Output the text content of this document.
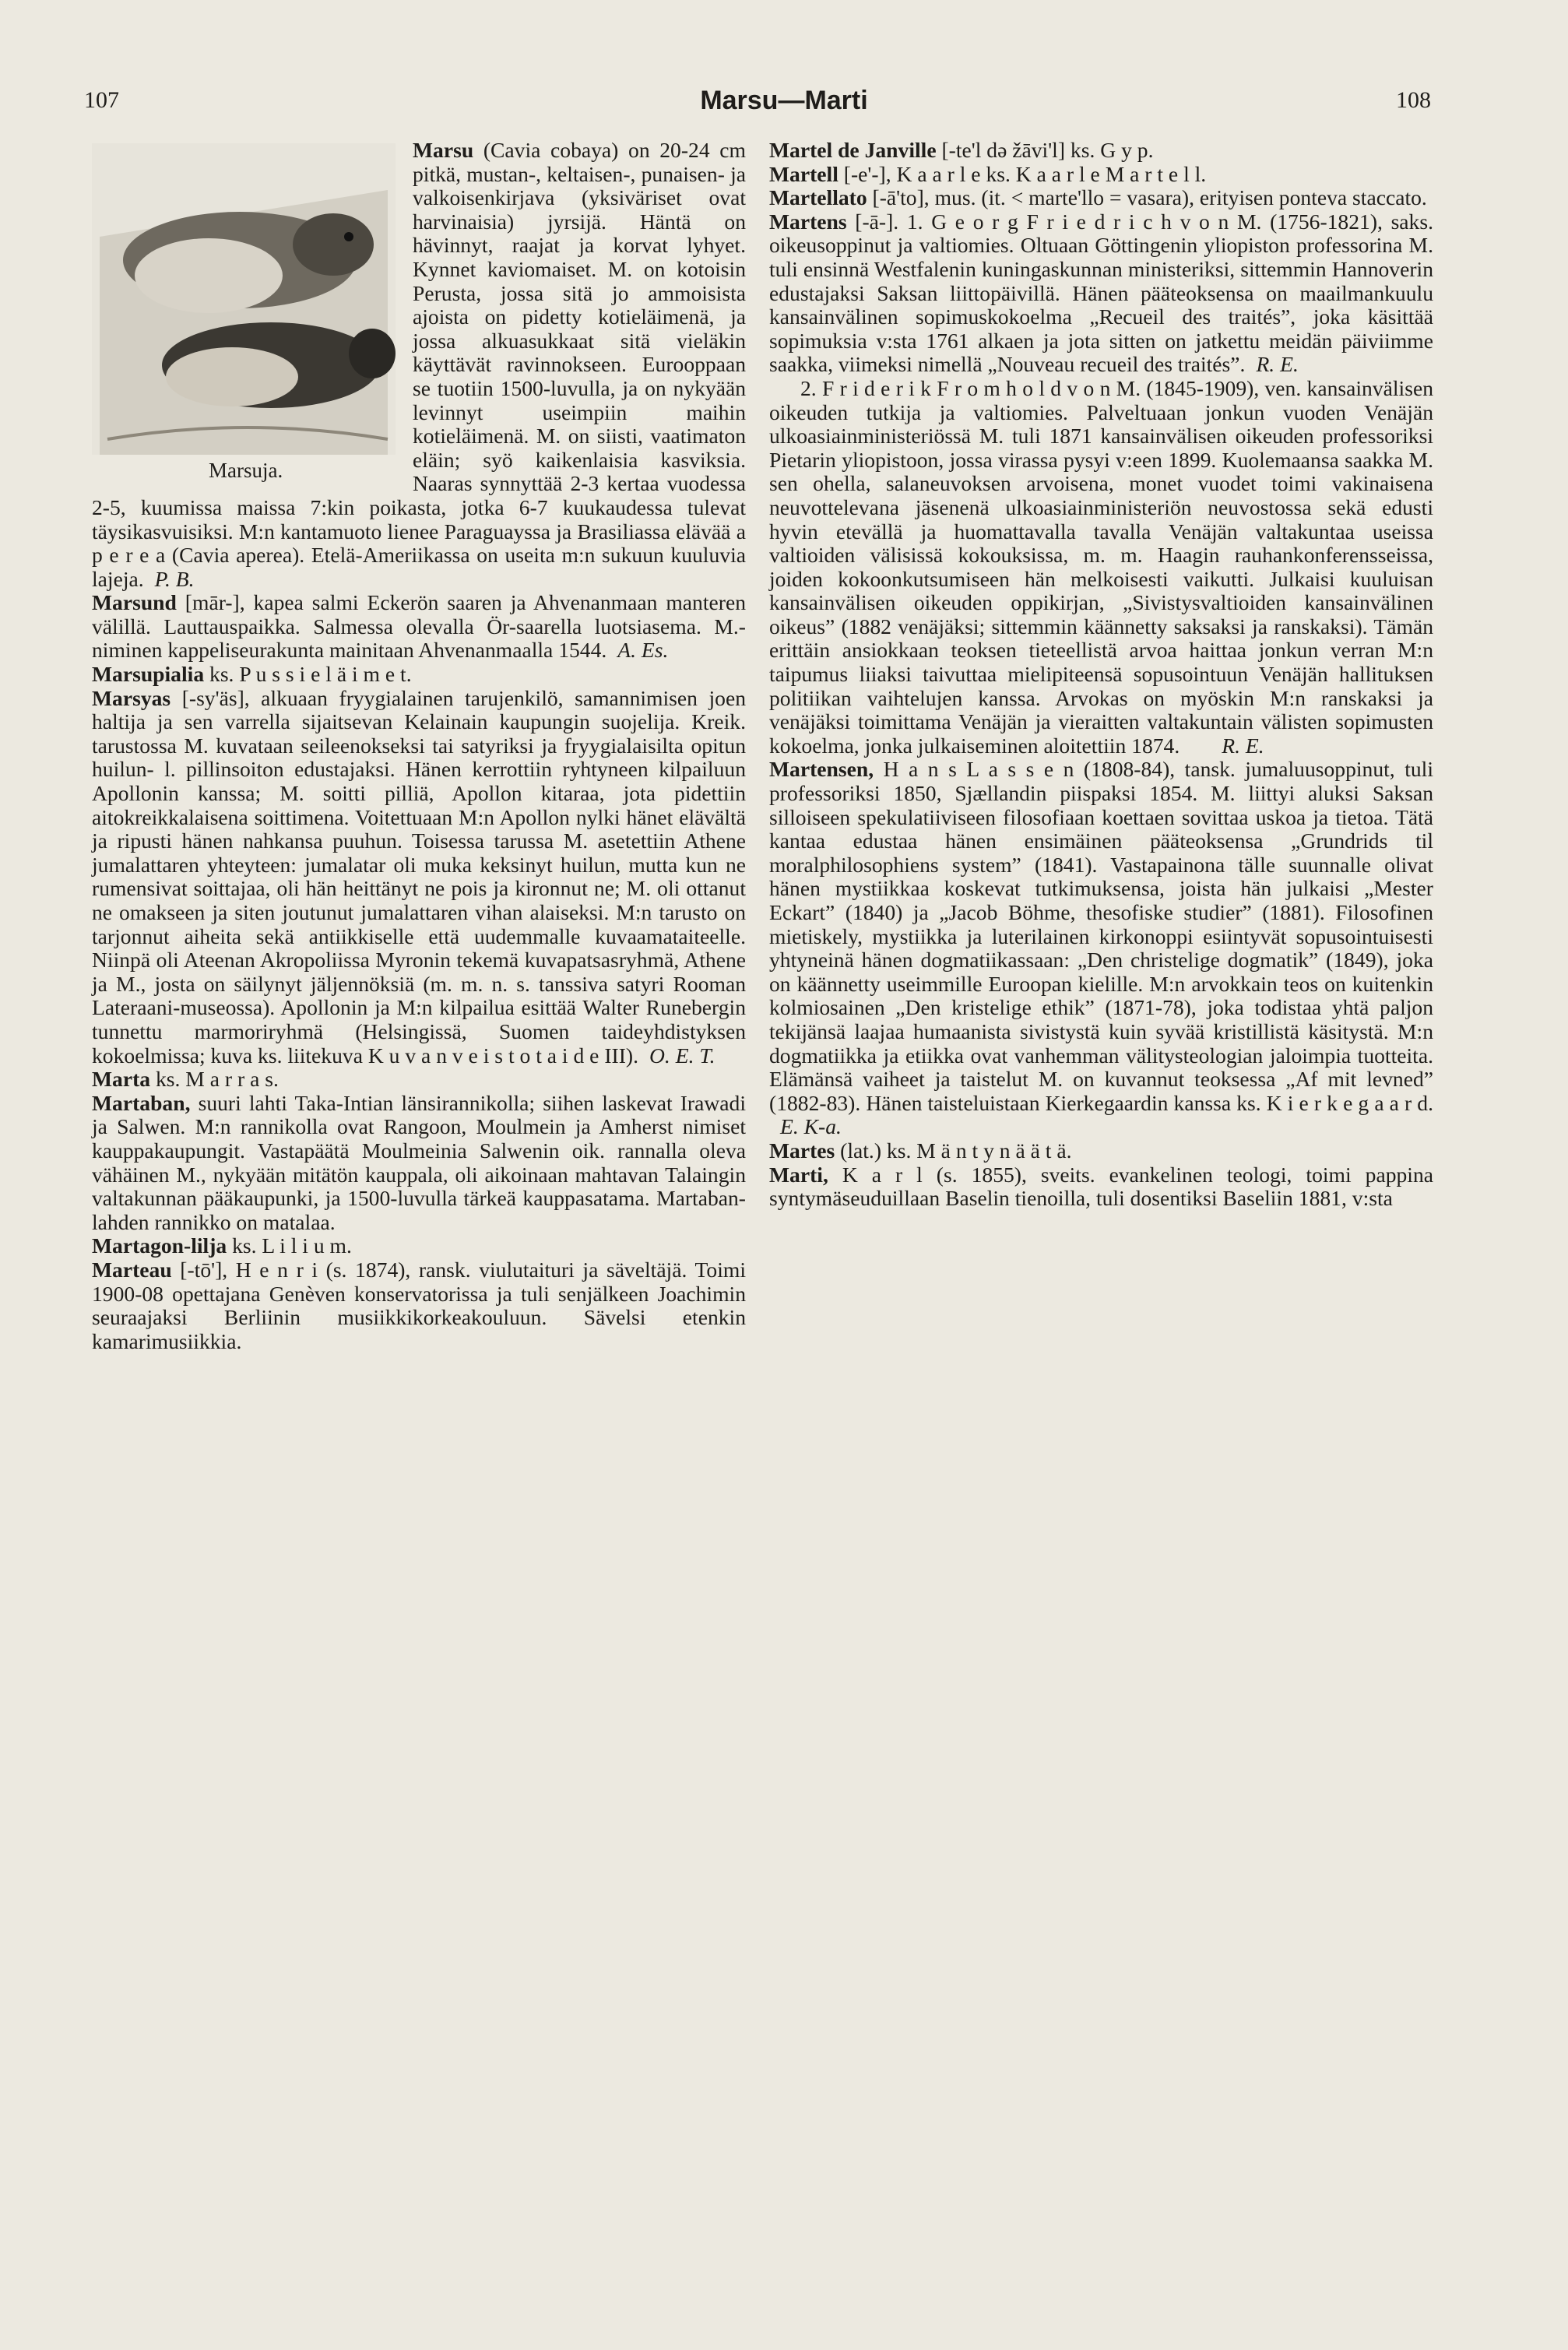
107	Marsu—Marti	108

Marsu
Marsuja.
(Cavia cobaya) on 20-24 cm pitkä, mustan-, keltaisen-, punaisen- ja valkoisenkirjava (yksiväriset ovat harvinaisia) jyrsijä. Häntä on hävinnyt, raajat ja korvat lyhyet. Kynnet kaviomaiset. M. on kotoisin Perusta, jossa sitä jo ammoisista ajoista on pidetty kotieläimenä, ja jossa alkuasukkaat sitä vieläkin käyttävät ravinnokseen. Eurooppaan se tuotiin 1500-luvulla, ja on nykyään levinnyt useimpiin maihin kotieläimenä. M. on siisti, vaatimaton eläin; syö kaikenlaisia kasviksia. Naaras synnyttää 2-3 kertaa vuodessa 2-5, kuumissa maissa 7:kin poikasta, jotka 6-7 kuukaudessa tulevat täysikasvuisiksi. M:n kantamuoto lienee Paraguayssa ja Brasiliassa elävää a p e r e a (Cavia aperea). Etelä-Ameriikassa on useita m:n sukuun kuuluvia lajeja. P. B.

Marsund [mār-], kapea salmi Eckerön saaren ja Ahvenanmaan manteren välillä. Lauttauspaikka. Salmessa olevalla Ör-saarella luotsiasema. M.-niminen kappeliseurakunta mainitaan Ahvenanmaalla 1544. A. Es.

Marsupialia ks. P u s s i e l ä i m e t.

Marsyas [-sy'äs], alkuaan fryygialainen tarujenkilö, samannimisen joen haltija ja sen varrella sijaitsevan Kelainain kaupungin suojelija. Kreik. tarustossa M. kuvataan seileenokseksi tai satyriksi ja fryygialaisilta opitun huilun- l. pillinsoiton edustajaksi. Hänen kerrottiin ryhtyneen kilpailuun Apollonin kanssa; M. soitti pilliä, Apollon kitaraa, jota pidettiin aitokreikkalaisena soittimena. Voitettuaan M:n Apollon nylki hänet elävältä ja ripusti hänen nahkansa puuhun. Toisessa tarussa M. asetettiin Athene jumalattaren yhteyteen: jumalatar oli muka keksinyt huilun, mutta kun ne rumensivat soittajaa, oli hän heittänyt ne pois ja kironnut ne; M. oli ottanut ne omakseen ja siten joutunut jumalattaren vihan alaiseksi. M:n tarusto on tarjonnut aiheita sekä antiikkiselle että uudemmalle kuvaamataiteelle. Niinpä oli Ateenan Akropoliissa Myronin tekemä kuvapatsasryhmä, Athene ja M., josta on säilynyt jäljennöksiä (m. m. n. s. tanssiva satyri Rooman Lateraani-museossa). Apollonin ja M:n kilpailua esittää Walter Runebergin tunnettu marmoriryhmä (Helsingissä, Suomen taideyhdistyksen kokoelmissa; kuva ks. liitekuva K u v a n v e i s t o t a i d e III). O. E. T.

Marta ks. M a r r a s.

Martaban, suuri lahti Taka-Intian länsirannikolla; siihen laskevat Irawadi ja Salwen. M:n rannikolla ovat Rangoon, Moulmein ja Amherst nimiset kauppakaupungit. Vastapäätä Moulmeinia Salwenin oik. rannalla oleva vähäinen M., nykyään mitätön kauppala, oli aikoinaan mahtavan Talaingin valtakunnan pääkaupunki, ja 1500-luvulla tärkeä kauppasatama. Martaban-lahden rannikko on matalaa.

Martagon-lilja ks. L i l i u m.

Marteau [-tō'], H e n r i (s. 1874), ransk. viulutaituri ja säveltäjä. Toimi 1900-08 opettajana Genèven konservatorissa ja tuli senjälkeen Joachimin seuraajaksi Berliinin musiikkikorkeakouluun. Sävelsi etenkin kamarimusiikkia.

Martel de Janville [-te'l də žāvi'l] ks. G y p.

Martell [-e'-], K a a r l e ks. K a a r l e M a r t e l l.

Martellato [-ā'to], mus. (it. < marte'llo = vasara), erityisen ponteva staccato.

Martens [-ā-]. 1. G e o r g F r i e d r i c h v o n M. (1756-1821), saks. oikeusoppinut ja valtiomies. Oltuaan Göttingenin yliopiston professorina M. tuli ensinnä Westfalenin kuningaskunnan ministeriksi, sittemmin Hannoverin edustajaksi Saksan liittopäivillä. Hänen pääteoksensa on maailmankuulu kansainvälinen sopimuskokoelma „Recueil des traités”, joka käsittää sopimuksia v:sta 1761 alkaen ja jota sitten on jatkettu meidän päiviimme saakka, viimeksi nimellä „Nouveau recueil des traités”. R. E.

2. F r i d e r i k F r o m h o l d v o n M. (1845-1909), ven. kansainvälisen oikeuden tutkija ja valtiomies. Palveltuaan jonkun vuoden Venäjän ulkoasiainministeriössä M. tuli 1871 kansainvälisen oikeuden professoriksi Pietarin yliopistoon, jossa virassa pysyi v:een 1899. Kuolemaansa saakka M. sen ohella, salaneuvoksen arvoisena, monet vuodet toimi vakinaisena neuvottelevana jäsenenä ulkoasiainministeriön neuvostossa sekä edusti hyvin etevällä ja huomattavalla tavalla Venäjän valtakuntaa useissa valtioiden välisissä kokouksissa, m. m. Haagin rauhankonferensseissa, joiden kokoonkutsumiseen hän melkoisesti vaikutti. Julkaisi kuuluisan kansainvälisen oikeuden oppikirjan, „Sivistysvaltioiden kansainvälinen oikeus” (1882 venäjäksi; sittemmin käännetty saksaksi ja ranskaksi). Tämän erittäin ansiokkaan teoksen tieteellistä arvoa haittaa jonkun verran M:n taipumus liiaksi taivuttaa mielipiteensä sopusointuun Venäjän hallituksen politiikan vaihtelujen kanssa. Arvokas on myöskin M:n ranskaksi ja venäjäksi toimittama Venäjän ja vieraitten valtakuntain välisten sopimusten kokoelma, jonka julkaiseminen aloitettiin 1874. R. E.

Martensen, H a n s L a s s e n (1808-84), tansk. jumaluusoppinut, tuli professoriksi 1850, Sjællandin piispaksi 1854. M. liittyi aluksi Saksan silloiseen spekulatiiviseen filosofiaan koettaen sovittaa uskoa ja tietoa. Tätä kantaa edustaa hänen ensimäinen pääteoksensa „Grundrids til moralphilosophiens system” (1841). Vastapainona tälle suunnalle olivat hänen mystiikkaa koskevat tutkimuksensa, joista hän julkaisi „Mester Eckart” (1840) ja „Jacob Böhme, thesofiske studier” (1881). Filosofinen mietiskely, mystiikka ja luterilainen kirkonoppi esiintyvät sopusointuisesti yhtyneinä hänen dogmatiikassaan: „Den christelige dogmatik” (1849), joka on käännetty useimmille Euroopan kielille. M:n arvokkain teos on kuitenkin kolmiosainen „Den kristelige ethik” (1871-78), joka todistaa yhtä paljon tekijänsä laajaa humaanista sivistystä kuin syvää kristillistä käsitystä. M:n dogmatiikka ja etiikka ovat vanhemman välitysteologian jaloimpia tuotteita. Elämänsä vaiheet ja taistelut M. on kuvannut teoksessa „Af mit levned” (1882-83). Hänen taisteluistaan Kierkegaardin kanssa ks. K i e r k e g a a r d.E. K-a.

Martes (lat.) ks. M ä n t y n ä ä t ä.

Marti, K a r l (s. 1855), sveits. evankelinen teologi, toimi pappina syntymäseuduillaan Baselin tienoilla, tuli dosentiksi Baseliin 1881, v:sta
